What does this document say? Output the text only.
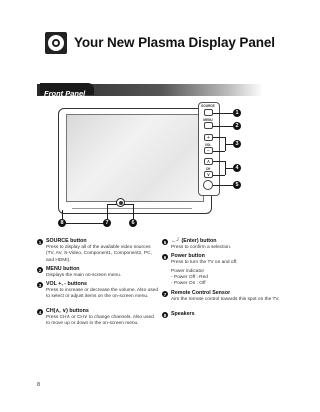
Your New Plasma Display Panel
Front Panel
SOURCE
MENU
+
VOL
−
∧
CH
∨
1
2
3
4
5
6
7
8
1 SOURCE button
Press to display all of the available video sources (TV, AV, S-Video, Component1, Component2, PC, and HDMI).
2 MENU button
Displays the main on-screen menu.
3 VOL +, - buttons
Press to increase or decrease the volume. Also used to select or adjust items on the on-screen menu.
4 CH(∧, ∨) buttons
Press CH∧ or CH∨ to change channels. Also used to move up or down in the on-screen menu.
5 ←┘ (Enter) button
Press to confirm a selection.
6 Power button
Press to turn the TV on and off.
Power indicator
- Power Off : Red
- Power On : Off
7 Remote Control Sensor
Aim the remote control towards this spot on the TV.
8 Speakers
8
